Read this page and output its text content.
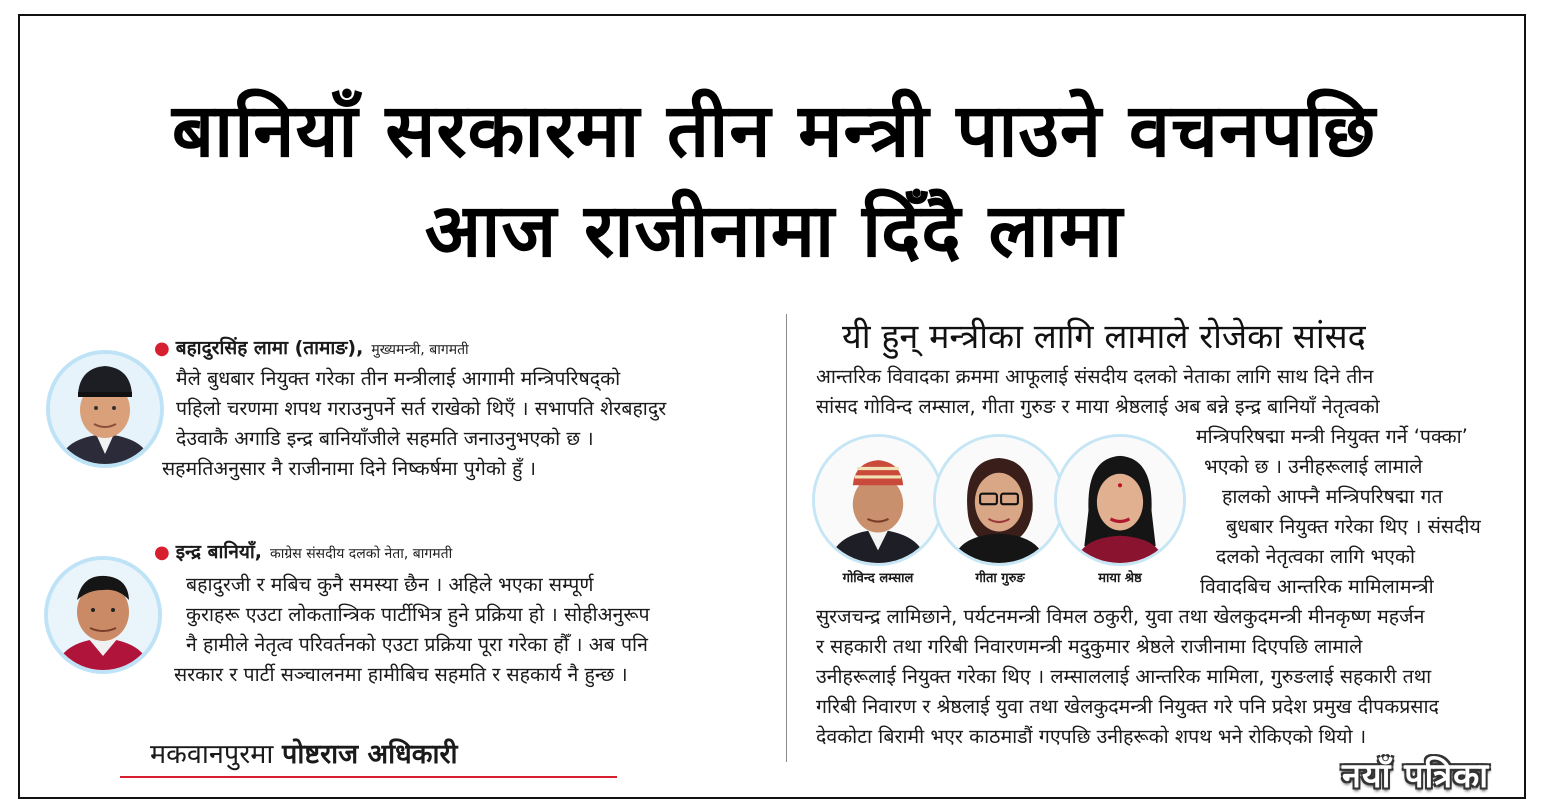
बानियाँ सरकारमा तीन मन्त्री पाउने वचनपछि
आज राजीनामा दिँदै लामा
● बहादुरसिंह लामा (तामाङ), मुख्यमन्त्री, बागमती
मैले बुधबार नियुक्त गरेका तीन मन्त्रीलाई आगामी मन्त्रिपरिषद्को
पहिलो चरणमा शपथ गराउनुपर्ने सर्त राखेको थिएँ । सभापति शेरबहादुर
देउवाकै अगाडि इन्द्र बानियाँजीले सहमति जनाउनुभएको छ ।
सहमतिअनुसार नै राजीनामा दिने निष्कर्षमा पुगेको हुँ ।
● इन्द्र बानियाँ, काग्रेस संसदीय दलको नेता, बागमती
बहादुरजी र मबिच कुनै समस्या छैन । अहिले भएका सम्पूर्ण
कुराहरू एउटा लोकतान्त्रिक पार्टीभित्र हुने प्रक्रिया हो । सोहीअनुरूप
नै हामीले नेतृत्व परिवर्तनको एउटा प्रक्रिया पूरा गरेका हौँ । अब पनि
सरकार र पार्टी सञ्चालनमा हामीबिच सहमति र सहकार्य नै हुन्छ ।
मकवानपुरमा पोष्टराज अधिकारी
यी हुन् मन्त्रीका लागि लामाले रोजेका सांसद
आन्तरिक विवादका क्रममा आफूलाई संसदीय दलको नेताका लागि साथ दिने तीन
सांसद गोविन्द लम्साल, गीता गुरुङ र माया श्रेष्ठलाई अब बन्ने इन्द्र बानियाँ नेतृत्वको
गोविन्द लम्साल	गीता गुरुङ	माया श्रेष्ठ
मन्त्रिपरिषद्मा मन्त्री नियुक्त गर्ने ‘पक्का’
भएको छ । उनीहरूलाई लामाले
हालको आफ्नै मन्त्रिपरिषद्मा गत
बुधबार नियुक्त गरेका थिए । संसदीय
दलको नेतृत्वका लागि भएको
विवादबिच आन्तरिक मामिलामन्त्री
सुरजचन्द्र लामिछाने, पर्यटनमन्त्री विमल ठकुरी, युवा तथा खेलकुदमन्त्री मीनकृष्ण महर्जन
र सहकारी तथा गरिबी निवारणमन्त्री मदुकुमार श्रेष्ठले राजीनामा दिएपछि लामाले
उनीहरूलाई नियुक्त गरेका थिए । लम्साललाई आन्तरिक मामिला, गुरुङलाई सहकारी तथा
गरिबी निवारण र श्रेष्ठलाई युवा तथा खेलकुदमन्त्री नियुक्त गरे पनि प्रदेश प्रमुख दीपकप्रसाद
देवकोटा बिरामी भएर काठमाडौं गएपछि उनीहरूको शपथ भने रोकिएको थियो ।
नयाँ पत्रिका
